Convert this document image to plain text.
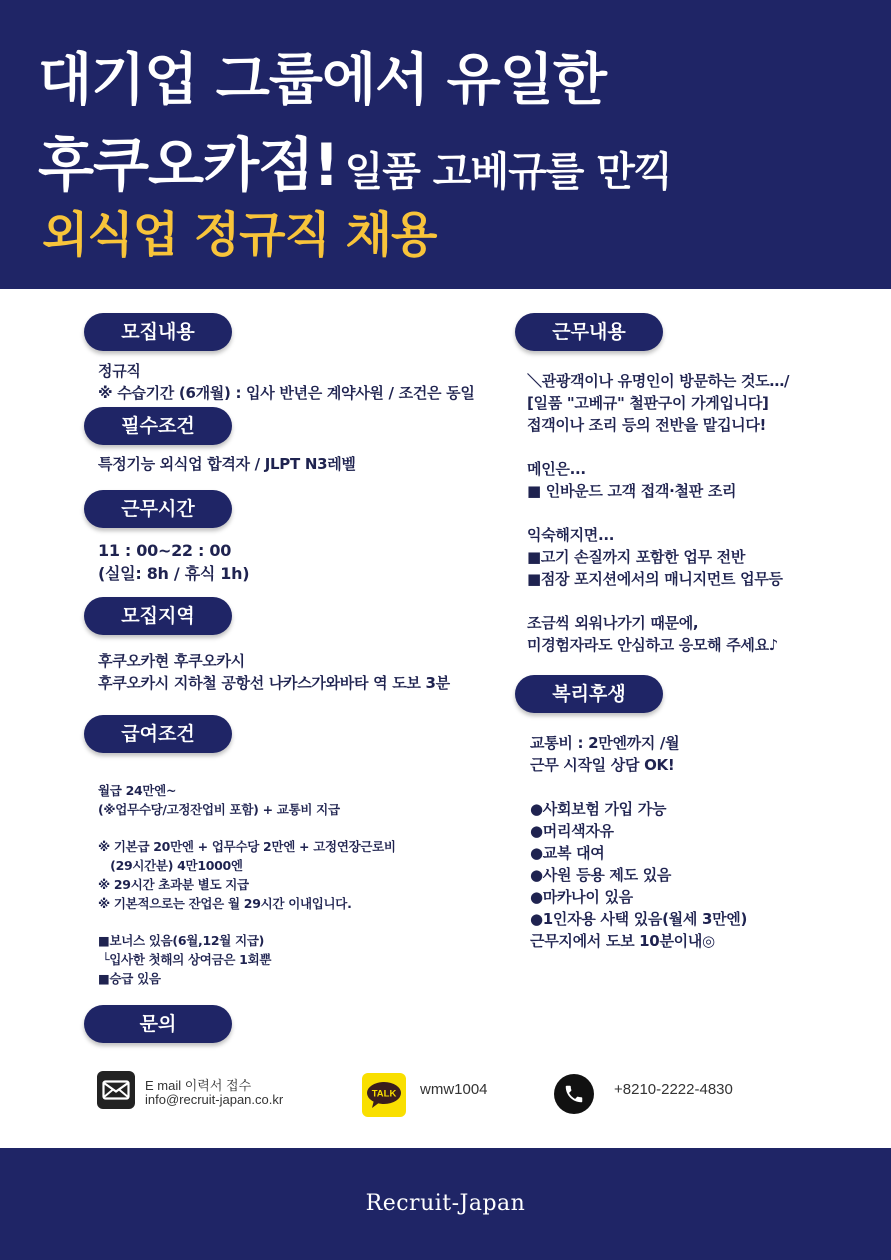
대기업 그룹에서 유일한
후쿠오카점! 일품 고베규를 만끽
외식업 정규직 채용
모집내용
정규직
※ 수습기간 (6개월) : 입사 반년은 계약사원 / 조건은 동일
필수조건
특정기능 외식업 합격자 / JLPT N3레벨
근무시간
11 : 00~22 : 00
(실일: 8h / 휴식 1h)
모집지역
후쿠오카현 후쿠오카시
후쿠오카시 지하철 공항선 나카스가와바타 역 도보 3분
급여조건
월급 24만엔~
(※업무수당/고정잔업비 포함) + 교통비 지급
※ 기본급 20만엔 + 업무수당 2만엔 + 고정연장근로비
(29시간분) 4만1000엔
※ 29시간 초과분 별도 지급
※ 기본적으로는 잔업은 월 29시간 이내입니다.
■보너스 있음(6월,12월 지급)
└입사한 첫해의 상여금은 1회뿐
■승급 있음
문의
근무내용
＼관광객이나 유명인이 방문하는 것도…/
[일품 "고베규" 철판구이 가게입니다]
접객이나 조리 등의 전반을 맡깁니다!
메인은...
■ 인바운드 고객 접객·철판 조리
익숙해지면...
■고기 손질까지 포함한 업무 전반
■점장 포지션에서의 매니지먼트 업무등
조금씩 외워나가기 때문에,
미경험자라도 안심하고 응모해 주세요♪
복리후생
교통비 : 2만엔까지 /월
근무 시작일 상담 OK!
●사회보험 가입 가능
●머리색자유
●교복 대여
●사원 등용 제도 있음
●마카나이 있음
●1인자용 사택 있음(월세 3만엔)
근무지에서 도보 10분이내◎
E mail 이력서 접수
info@recruit-japan.co.kr	TALK wmw1004	+8210-2222-4830
Recruit-Japan
